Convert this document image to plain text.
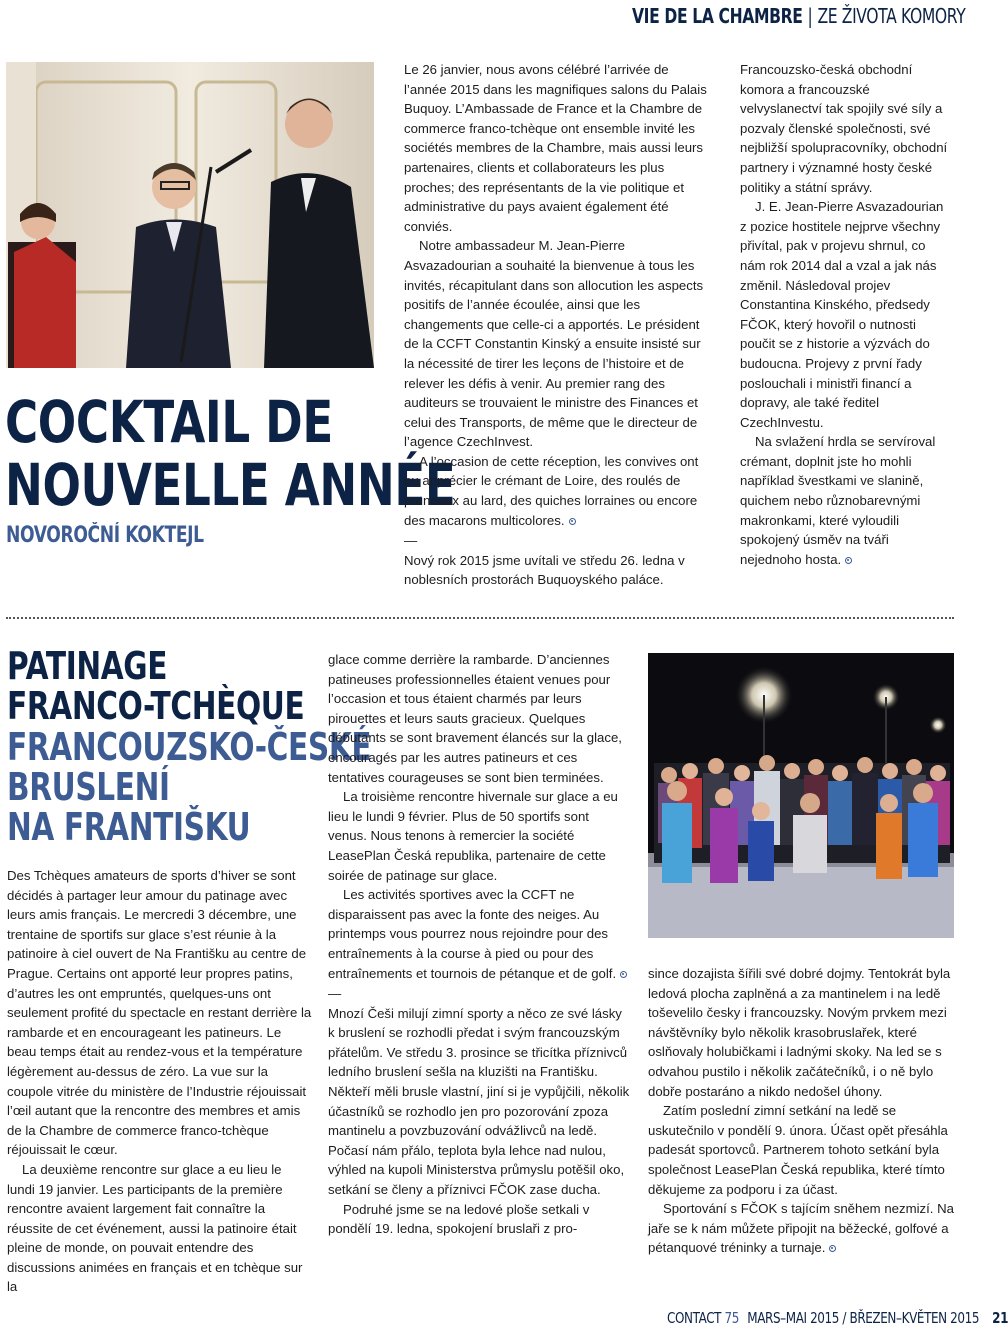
VIE DE LA CHAMBRE | ZE ŽIVOTA KOMORY
COCKTAIL DE
NOUVELLE ANNÉE
NOVOROČNÍ KOKTEJL

Le 26 janvier, nous avons célébré l’arrivée de l’année 2015 dans les magnifiques salons du Palais Buquoy. L’Ambassade de France et la Chambre de commerce franco-tchèque ont ensemble invité les sociétés membres de la Chambre, mais aussi leurs partenaires, clients et collaborateurs les plus proches; des représentants de la vie politique et administrative du pays avaient également été conviés.

Notre ambassadeur M. Jean-Pierre Asvazadourian a souhaité la bienvenue à tous les invités, récapitulant dans son allocution les aspects positifs de l’année écoulée, ainsi que les changements que celle-ci a apportés. Le président de la CCFT Constantin Kinský a ensuite insisté sur la nécessité de tirer les leçons de l’histoire et de relever les défis à venir. Au premier rang des auditeurs se trouvaient le ministre des Finances et celui des Transports, de même que le directeur de l’agence CzechInvest.

A l’occasion de cette réception, les convives ont pu apprécier le crémant de Loire, des roulés de pruneaux au lard, des quiches lorraines ou encore des macarons multicolores.

—

Nový rok 2015 jsme uvítali ve středu 26. ledna v noblesních prostorách Buquoyského paláce.

Francouzsko-česká obchodní komora a francouzské velvyslanectví tak spojily své síly a pozvaly členské společnosti, své nejbližší spolupracovníky, obchodní partnery i významné hosty české politiky a státní správy.

J. E. Jean-Pierre Asvazadourian z pozice hostitele nejprve všechny přivítal, pak v projevu shrnul, co nám rok 2014 dal a vzal a jak nás změnil. Následoval projev Constantina Kinského, předsedy FČOK, který hovořil o nutnosti poučit se z historie a výzvách do budoucna. Projevy z první řady poslouchali i ministři financí a dopravy, ale také ředitel CzechInvestu.

Na svlažení hrdla se servíroval crémant, doplnit jste ho mohli například švestkami ve slanině, quichem nebo různobarevnými makronkami, které vyloudili spokojený úsměv na tváři nejednoho hosta.

PATINAGE
FRANCO-TCHÈQUE
FRANCOUZSKO-ČESKÉ
BRUSLENÍ
NA FRANTIŠKU

Des Tchèques amateurs de sports d’hiver se sont décidés à partager leur amour du patinage avec leurs amis français. Le mercredi 3 décembre, une trentaine de sportifs sur glace s’est réunie à la patinoire à ciel ouvert de Na Františku au centre de Prague. Certains ont apporté leur propres patins, d’autres les ont empruntés, quelques-uns ont seulement profité du spectacle en restant derrière la rambarde et en encourageant les patineurs. Le beau temps était au rendez-vous et la température légèrement au-dessus de zéro. La vue sur la coupole vitrée du ministère de l’Industrie réjouissait l’œil autant que la rencontre des membres et amis de la Chambre de commerce franco-tchèque réjouissait le cœur.

La deuxième rencontre sur glace a eu lieu le lundi 19 janvier. Les participants de la première rencontre avaient largement fait connaître la réussite de cet événement, aussi la patinoire était pleine de monde, on pouvait entendre des discussions animées en français et en tchèque sur la

glace comme derrière la rambarde. D’anciennes patineuses professionnelles étaient venues pour l’occasion et tous étaient charmés par leurs pirouettes et leurs sauts gracieux. Quelques débutants se sont bravement élancés sur la glace, encouragés par les autres patineurs et ces tentatives courageuses se sont bien terminées.

La troisième rencontre hivernale sur glace a eu lieu le lundi 9 février. Plus de 50 sportifs sont venus. Nous tenons à remercier la société LeasePlan Česká republika, partenaire de cette soirée de patinage sur glace.

Les activités sportives avec la CCFT ne disparaissent pas avec la fonte des neiges. Au printemps vous pourrez nous rejoindre pour des entraînements à la course à pied ou pour des entraînements et tournois de pétanque et de golf.

—

Mnozí Češi milují zimní sporty a něco ze své lásky k bruslení se rozhodli předat i svým francouzským přátelům. Ve středu 3. prosince se třicítka příznivců ledního bruslení sešla na kluzišti na Františku. Někteří měli brusle vlastní, jiní si je vypůjčili, několik účastníků se rozhodlo jen pro pozorování zpoza mantinelu a povzbuzování odvážlivců na ledě. Počasí nám přálo, teplota byla lehce nad nulou, výhled na kupoli Ministerstva průmyslu potěšil oko, setkání se členy a příznivci FČOK zase ducha.

Podruhé jsme se na ledové ploše setkali v pondělí 19. ledna, spokojení bruslaři z pro-

since dozajista šířili své dobré dojmy. Tentokrát byla ledová plocha zaplněná a za mantinelem i na ledě toševelilo česky i francouzsky. Novým prvkem mezi návštěvníky bylo několik krasobruslařek, které oslňovaly holubičkami i ladnými skoky. Na led se s odvahou pustilo i několik začátečníků, i o ně bylo dobře postaráno a nikdo nedošel úhony.

Zatím poslední zimní setkání na ledě se uskutečnilo v pondělí 9. února. Účast opět přesáhla padesát sportovců. Partnerem tohoto setkání byla společnost LeasePlan Česká republika, které tímto děkujeme za podporu i za účast.

Sportování s FČOK s tajícím sněhem nezmizí. Na jaře se k nám můžete připojit na běžecké, golfové a pétanquové tréninky a turnaje.

CONTACT 75 MARS–MAI 2015 / BŘEZEN–KVĚTEN 2015 21
